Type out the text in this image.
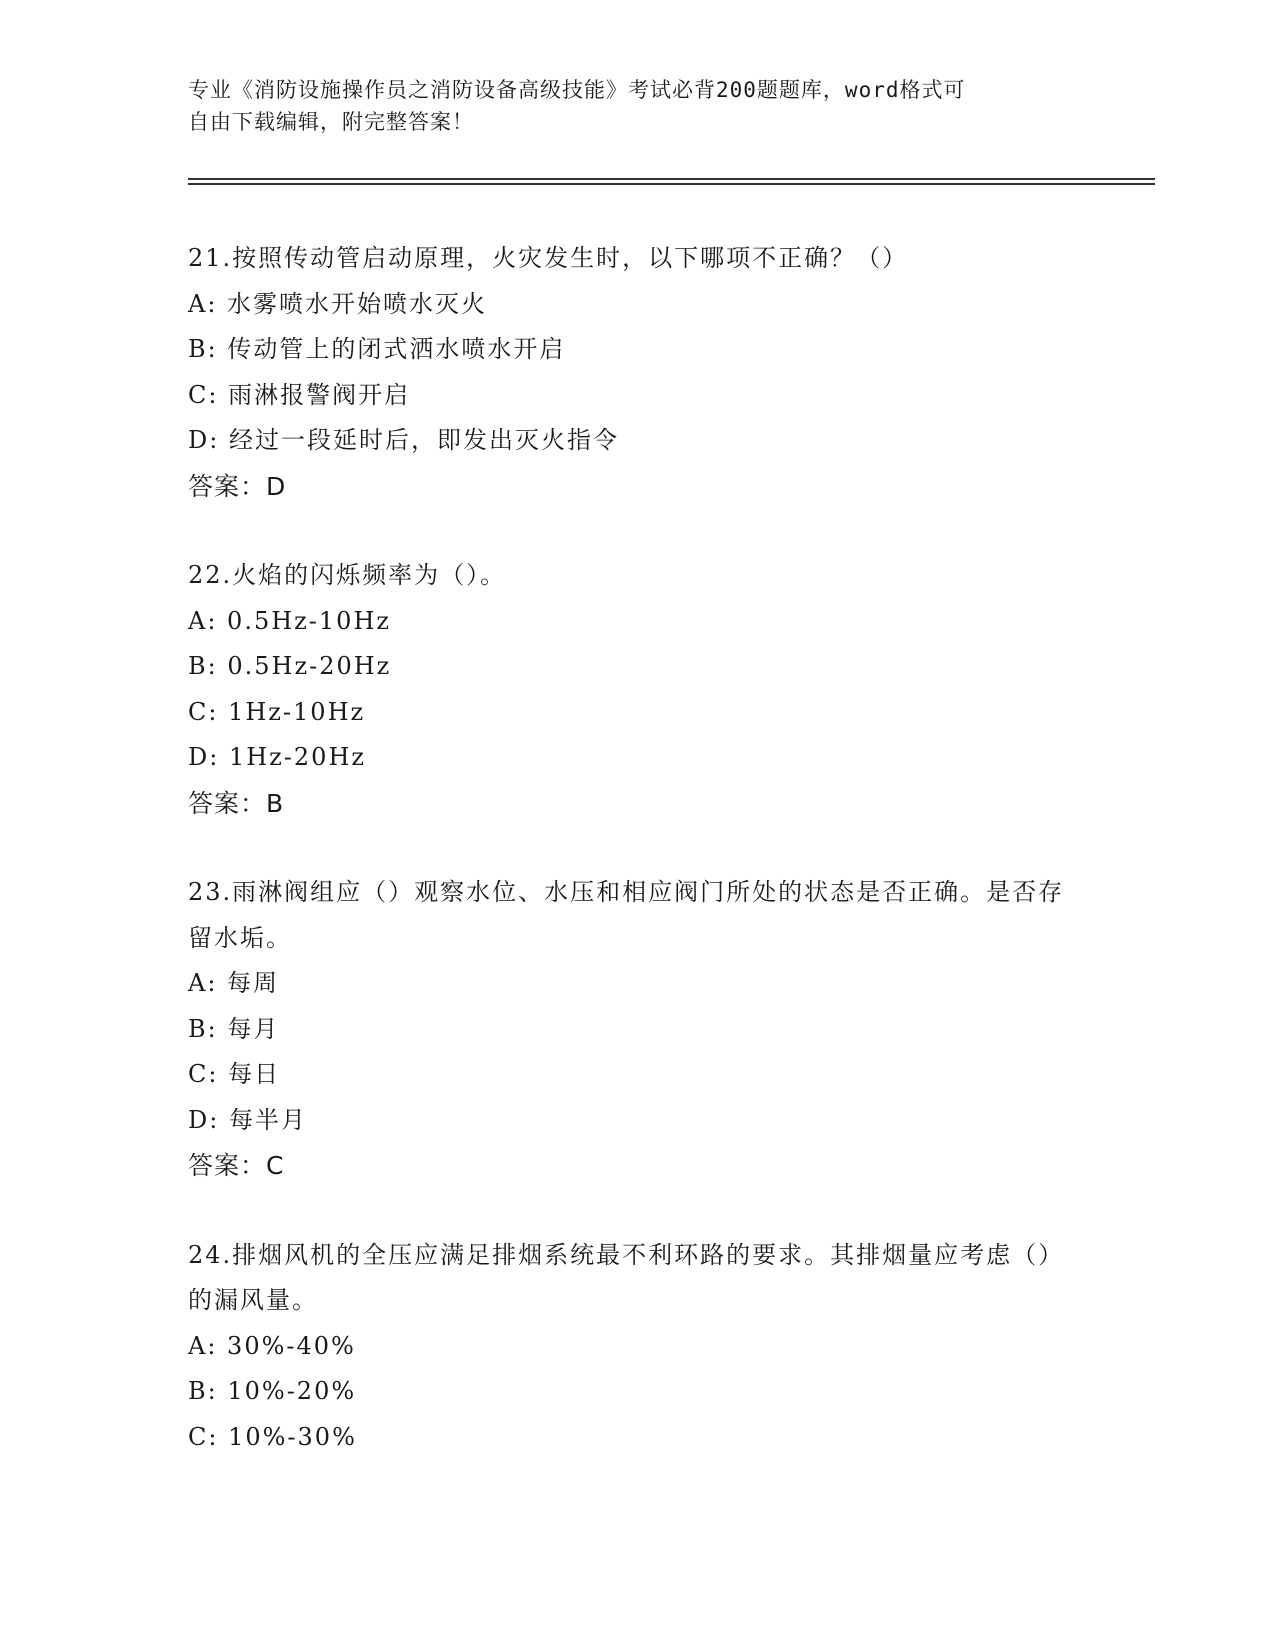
专业《消防设施操作员之消防设备高级技能》考试必背200题题库，word格式可
自由下载编辑，附完整答案！
21.按照传动管启动原理，火灾发生时，以下哪项不正确？（）
A: 水雾喷水开始喷水灭火
B: 传动管上的闭式洒水喷水开启
C: 雨淋报警阀开启
D: 经过一段延时后，即发出灭火指令
答案：D
22.火焰的闪烁频率为（）。
A: 0.5Hz-10Hz
B: 0.5Hz-20Hz
C: 1Hz-10Hz
D: 1Hz-20Hz
答案：B
23.雨淋阀组应（）观察水位、水压和相应阀门所处的状态是否正确。是否存留水垢。
A: 每周
B: 每月
C: 每日
D: 每半月
答案：C
24.排烟风机的全压应满足排烟系统最不利环路的要求。其排烟量应考虑（）的漏风量。
A: 30%-40%
B: 10%-20%
C: 10%-30%
